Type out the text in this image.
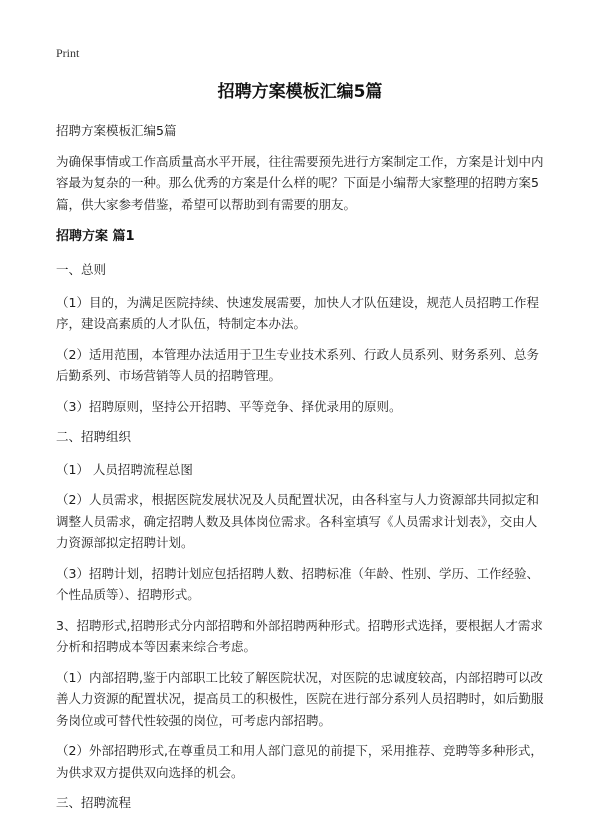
Print
招聘方案模板汇编5篇
招聘方案模板汇编5篇
为确保事情或工作高质量高水平开展，往往需要预先进行方案制定工作，方案是计划中内容最为复杂的一种。那么优秀的方案是什么样的呢？下面是小编帮大家整理的招聘方案5篇，供大家参考借鉴，希望可以帮助到有需要的朋友。
招聘方案 篇1
一、总则
（1）目的，为满足医院持续、快速发展需要，加快人才队伍建设，规范人员招聘工作程序，建设高素质的人才队伍，特制定本办法。
（2）适用范围，本管理办法适用于卫生专业技术系列、行政人员系列、财务系列、总务后勤系列、市场营销等人员的招聘管理。
（3）招聘原则，坚持公开招聘、平等竞争、择优录用的原则。
二、招聘组织
（1） 人员招聘流程总图
（2）人员需求，根据医院发展状况及人员配置状况，由各科室与人力资源部共同拟定和调整人员需求，确定招聘人数及具体岗位需求。各科室填写《人员需求计划表》，交由人力资源部拟定招聘计划。
（3）招聘计划，招聘计划应包括招聘人数、招聘标准（年龄、性别、学历、工作经验、个性品质等）、招聘形式。
3、招聘形式,招聘形式分内部招聘和外部招聘两种形式。招聘形式选择，要根据人才需求分析和招聘成本等因素来综合考虑。
（1）内部招聘,鉴于内部职工比较了解医院状况，对医院的忠诚度较高，内部招聘可以改善人力资源的配置状况，提高员工的积极性，医院在进行部分系列人员招聘时，如后勤服务岗位或可替代性较强的岗位，可考虑内部招聘。
（2）外部招聘形式,在尊重员工和用人部门意见的前提下，采用推荐、竞聘等多种形式，为供求双方提供双向选择的机会。
三、招聘流程
